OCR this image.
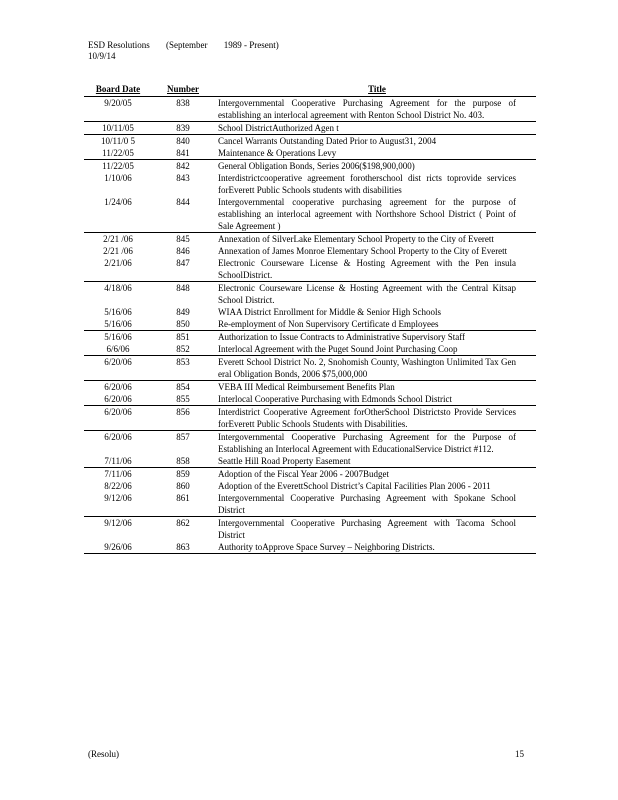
ESD Resolutions (September 1989 - Present)
10/9/14
Board Date	Number	Title
9/20/05	838	Intergovernmental Cooperative Purchasing Agreement for the purpose of establishing an interlocal agreement with Renton School District No. 403.
10/11/05	839	School DistrictAuthorized Agen t
10/11/0 5	840	Cancel Warrants Outstanding Dated Prior to August31, 2004
11/22/05	841	Maintenance & Operations Levy
11/22/05	842	General Obligation Bonds, Series 2006($198,900,000)
1/10/06	843	Interdistrictcooperative agreement forotherschool dist ricts toprovide services forEverett Public Schools students with disabilities
1/24/06	844	Intergovernmental cooperative purchasing agreement for the purpose of establishing an interlocal agreement with Northshore School District ( Point of Sale Agreement )
2/21 /06	845	Annexation of SilverLake Elementary School Property to the City of Everett
2/21 /06	846	Annexation of James Monroe Elementary School Property to the City of Everett
2/21/06	847	Electronic Courseware License & Hosting Agreement with the Pen insula SchoolDistrict.
4/18/06	848	Electronic Courseware License & Hosting Agreement with the Central Kitsap School District.
5/16/06	849	WIAA District Enrollment for Middle & Senior High Schools
5/16/06	850	Re-employment of Non Supervisory Certificate d Employees
5/16/06	851	Authorization to Issue Contracts to Administrative Supervisory Staff
6/6/06	852	Interlocal Agreement with the Puget Sound Joint Purchasing Coop
6/20/06	853	Everett School District No. 2, Snohomish County, Washington Unlimited Tax Gen eral Obligation Bonds, 2006 $75,000,000
6/20/06	854	VEBA III Medical Reimbursement Benefits Plan
6/20/06	855	Interlocal Cooperative Purchasing with Edmonds School District
6/20/06	856	Interdistrict Cooperative Agreement forOtherSchool Districtsto Provide Services forEverett Public Schools Students with Disabilities.
6/20/06	857	Intergovernmental Cooperative Purchasing Agreement for the Purpose of Establishing an Interlocal Agreement with EducationalService District #112.
7/11/06	858	Seattle Hill Road Property Easement
7/11/06	859	Adoption of the Fiscal Year 2006 - 2007Budget
8/22/06	860	Adoption of the EverettSchool District’s Capital Facilities Plan 2006 - 2011
9/12/06	861	Intergovernmental Cooperative Purchasing Agreement with Spokane School District
9/12/06	862	Intergovernmental Cooperative Purchasing Agreement with Tacoma School District
9/26/06	863	Authority toApprove Space Survey – Neighboring Districts.
(Resolu)	15
